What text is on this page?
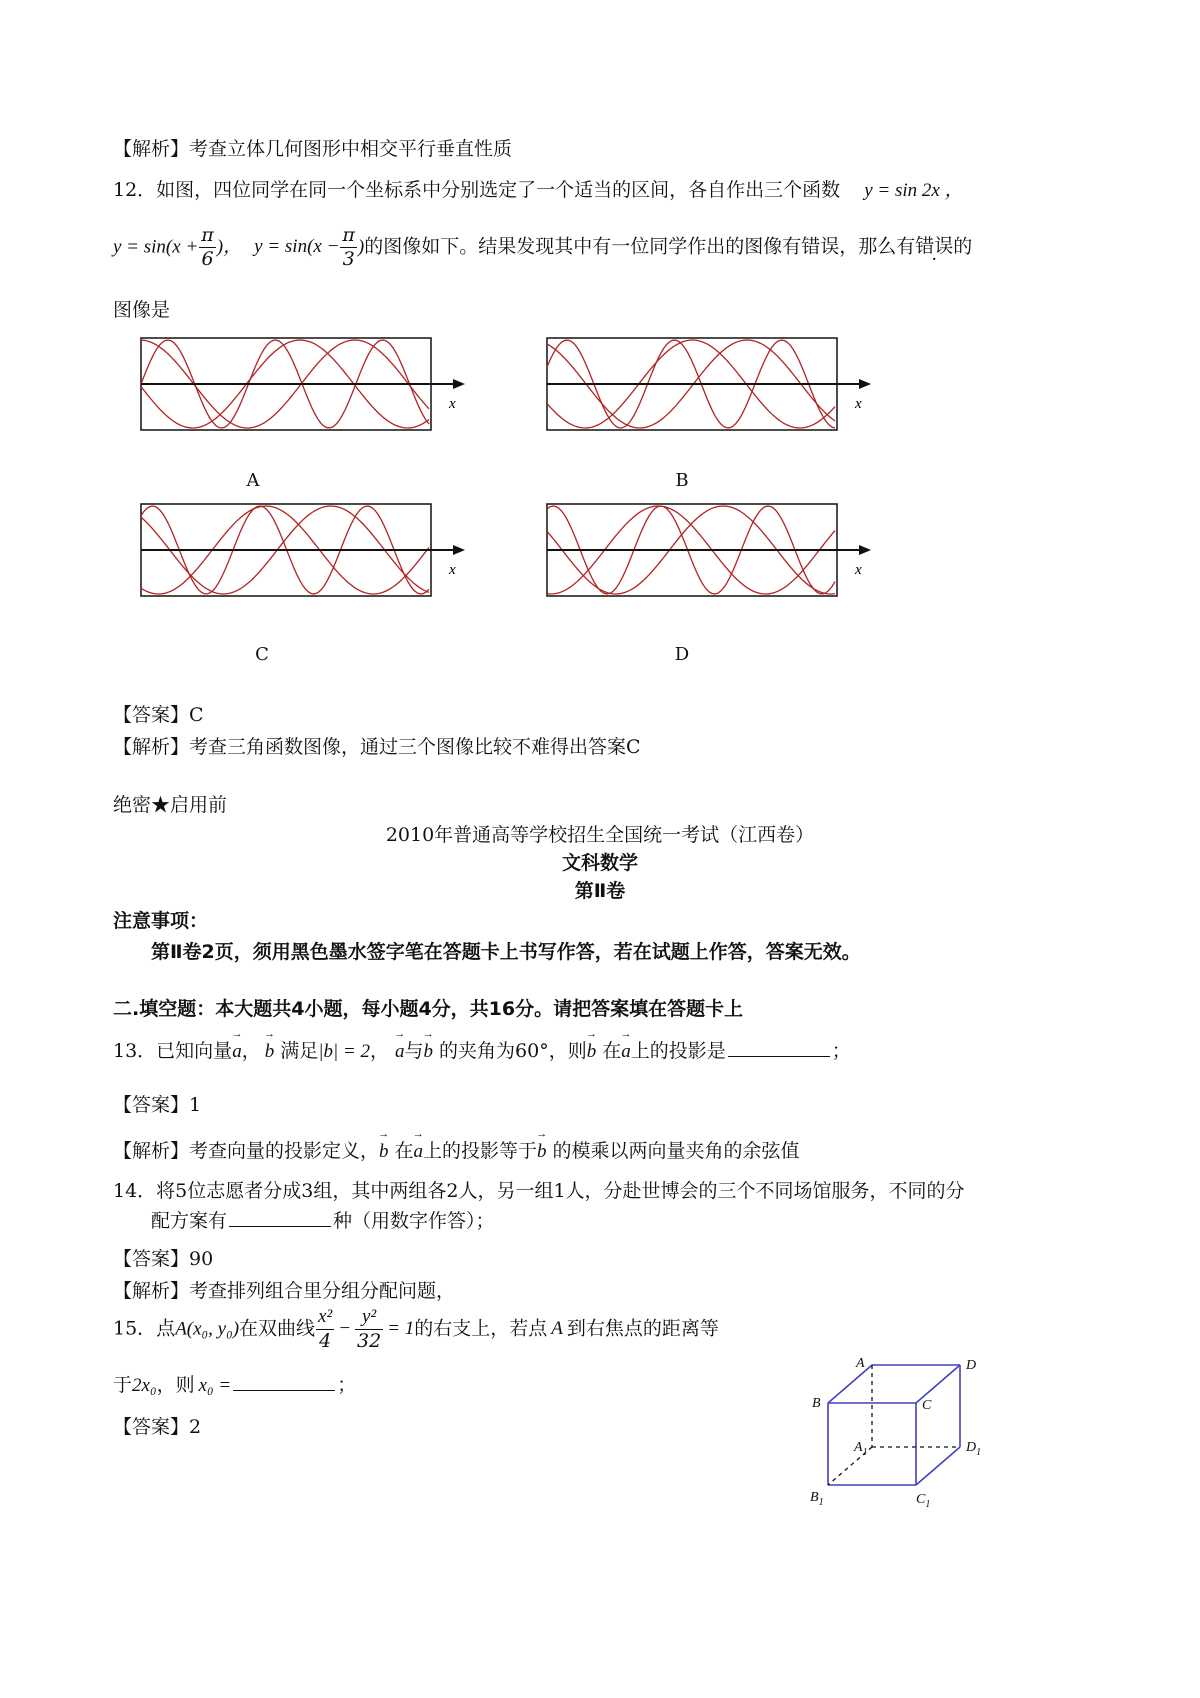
【解析】考查立体几何图形中相交平行垂直性质
12．如图，四位同学在同一个坐标系中分别选定了一个适当的区间，各自作出三个函数 y = sin 2x ，
$y = \sin(x + \frac{\pi}{6}$ )， $y = \sin(x - \frac{\pi}{3}$ )的图像如下。结果发现其中有一位同学作出的图像有错误，那么有错误的
图像是
x	x
x	x
A	B
C	D
【答案】C
【解析】考查三角函数图像，通过三个图像比较不难得出答案C
绝密★启用前
2010年普通高等学校招生全国统一考试（江西卷）
文科数学
第Ⅱ卷
注意事项：
第Ⅱ卷2页，须用黑色墨水签字笔在答题卡上书写作答，若在试题上作答，答案无效。
二.填空题：本大题共4小题，每小题4分，共16分。请把答案填在答题卡上
13．已知向量→ a， → b 满足|b| = 2， → a与→ b 的夹角为60°，则→ b 在→ a上的投影是	；
【答案】1
【解析】考查向量的投影定义，→ b 在→ a上的投影等于→ b 的模乘以两向量夹角的余弦值
14．将5位志愿者分成3组，其中两组各2人，另一组1人，分赴世博会的三个不同场馆服务，不同的分
配方案有	种（用数字作答）；
【答案】90
【解析】考查排列组合里分组分配问题，
15．点A(x₀, y₀)在双曲线 $\frac{\text{x²}}{4} - \frac{\text{y²}}{32} = 1$的右支上，若点 A 到右焦点的距离等
于2x₀，则 x₀ =	；
【答案】2
A	D
B	C
$A_1$	$D_1$
$B_1$	$C_1$
